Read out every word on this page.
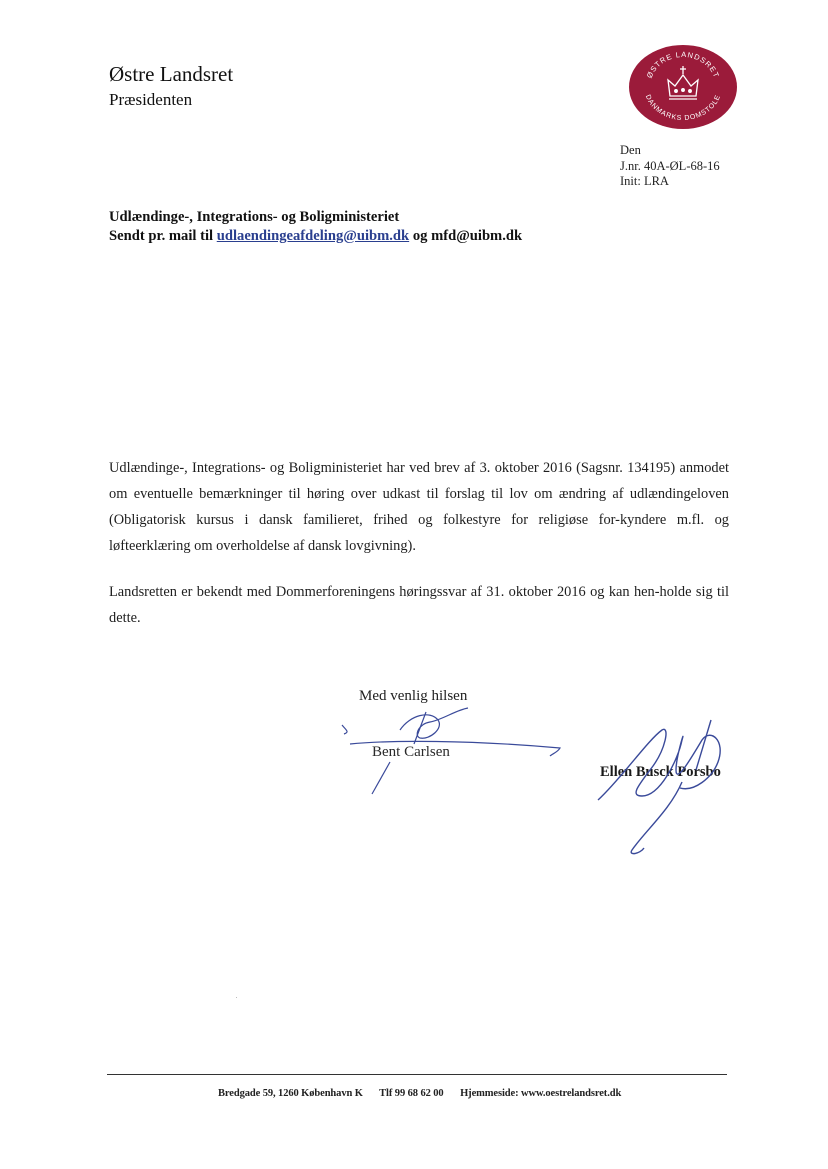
Østre Landsret
Præsidenten
ØSTRE LANDSRET
DANMARKS DOMSTOLE
Den
J.nr. 40A-ØL-68-16
Init: LRA
Udlændinge-, Integrations- og Boligministeriet
Sendt pr. mail til udlaendingeafdeling@uibm.dk og mfd@uibm.dk

Udlændinge-, Integrations- og Boligministeriet har ved brev af 3. oktober 2016 (Sagsnr. 134195) anmodet om eventuelle bemærkninger til høring over udkast til forslag til lov om ændring af udlændingeloven (Obligatorisk kursus i dansk familieret, frihed og folkestyre for religiøse for-kyndere m.fl. og løfteerklæring om overholdelse af dansk lovgivning).

Landsretten er bekendt med Dommerforeningens høringssvar af 31. oktober 2016 og kan hen-holde sig til dette.

Med venlig hilsen
Bent Carlsen
Ellen Busck Porsbo
Bredgade 59, 1260 København K Tlf 99 68 62 00 Hjemmeside: www.oestrelandsret.dk
